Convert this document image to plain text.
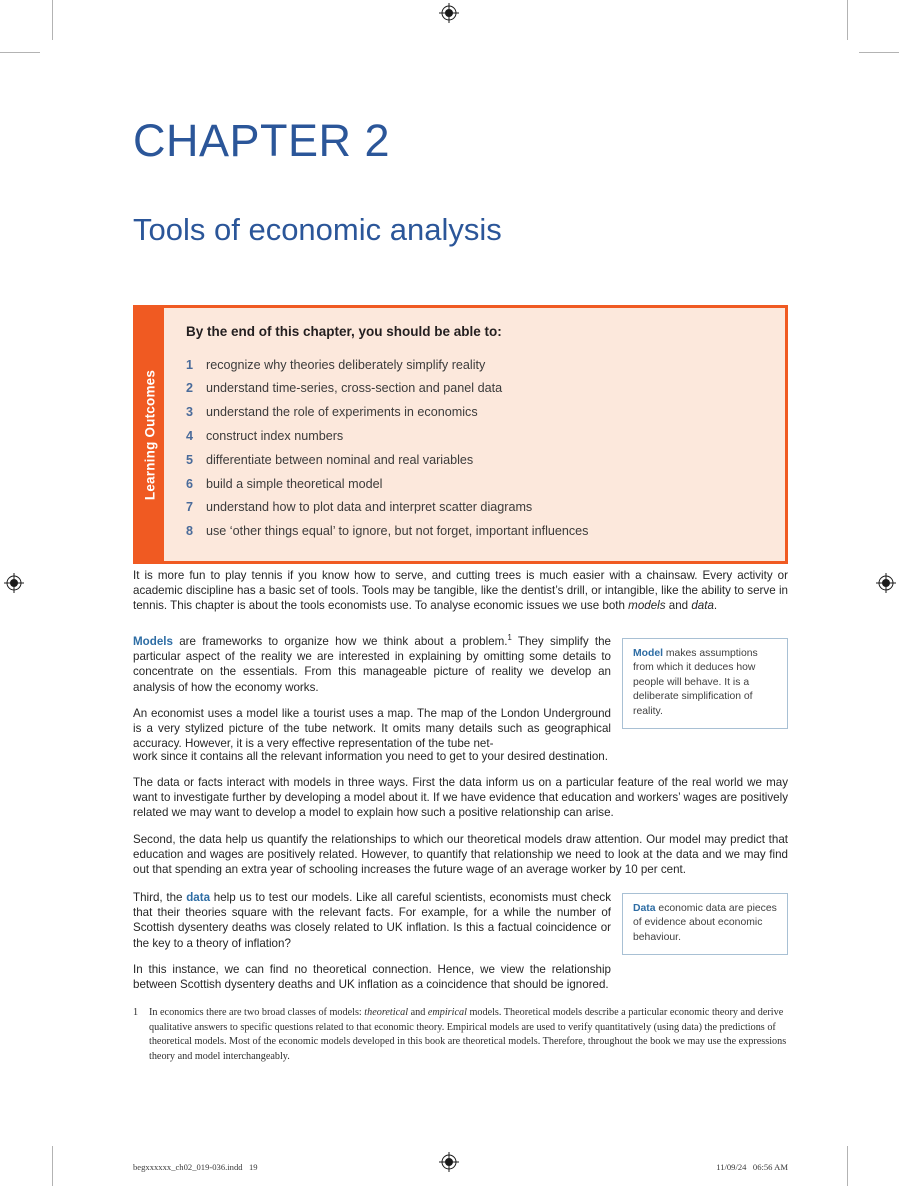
CHAPTER 2
Tools of economic analysis
Learning Outcomes
By the end of this chapter, you should be able to:
1	recognize why theories deliberately simplify reality
2	understand time-series, cross-section and panel data
3	understand the role of experiments in economics
4	construct index numbers
5	differentiate between nominal and real variables
6	build a simple theoretical model
7	understand how to plot data and interpret scatter diagrams
8	use ‘other things equal’ to ignore, but not forget, important influences

It is more fun to play tennis if you know how to serve, and cutting trees is much easier with a chainsaw. Every activity or academic discipline has a basic set of tools. Tools may be tangible, like the dentist’s drill, or intangible, like the ability to serve in tennis. This chapter is about the tools economists use. To analyse economic issues we use both models and data.

Models are frameworks to organize how we think about a problem.$^1$ They simplify the particular aspect of the reality we are interested in explaining by omitting some details to concentrate on the essentials. From this manageable picture of reality we develop an analysis of how the economy works.

An economist uses a model like a tourist uses a map. The map of the London Underground is a very stylized picture of the tube network. It omits many details such as geographical accuracy. However, it is a very effective representation of the tube net-

work since it contains all the relevant information you need to get to your desired destination.

Model makes assumptions from which it deduces how people will behave. It is a deliberate simplification of reality.

The data or facts interact with models in three ways. First the data inform us on a particular feature of the real world we may want to investigate further by developing a model about it. If we have evidence that education and workers’ wages are positively related we may want to develop a model to explain how such a positive relationship can arise.

Second, the data help us quantify the relationships to which our theoretical models draw attention. Our model may predict that education and wages are positively related. However, to quantify that relationship we need to look at the data and we may find out that spending an extra year of schooling increases the future wage of an average worker by 10 per cent.

Third, the data help us to test our models. Like all careful scientists, economists must check that their theories square with the relevant facts. For example, for a while the number of Scottish dysentery deaths was closely related to UK inflation. Is this a factual coincidence or the key to a theory of inflation?

In this instance, we can find no theoretical connection. Hence, we view the relationship between Scottish dysentery deaths and UK inflation as a coincidence that should be ignored.

Data economic data are pieces of evidence about economic behaviour.
1	In economics there are two broad classes of models: theoretical and empirical models. Theoretical models describe a particular economic theory and derive qualitative answers to specific questions related to that economic theory. Empirical models are used to verify quantitatively (using data) the predictions of theoretical models. Most of the economic models developed in this book are theoretical models. Therefore, throughout the book we may use the expressions theory and model interchangeably.
begxxxxxx_ch02_019-036.indd   19	11/09/24   06:56 AM
